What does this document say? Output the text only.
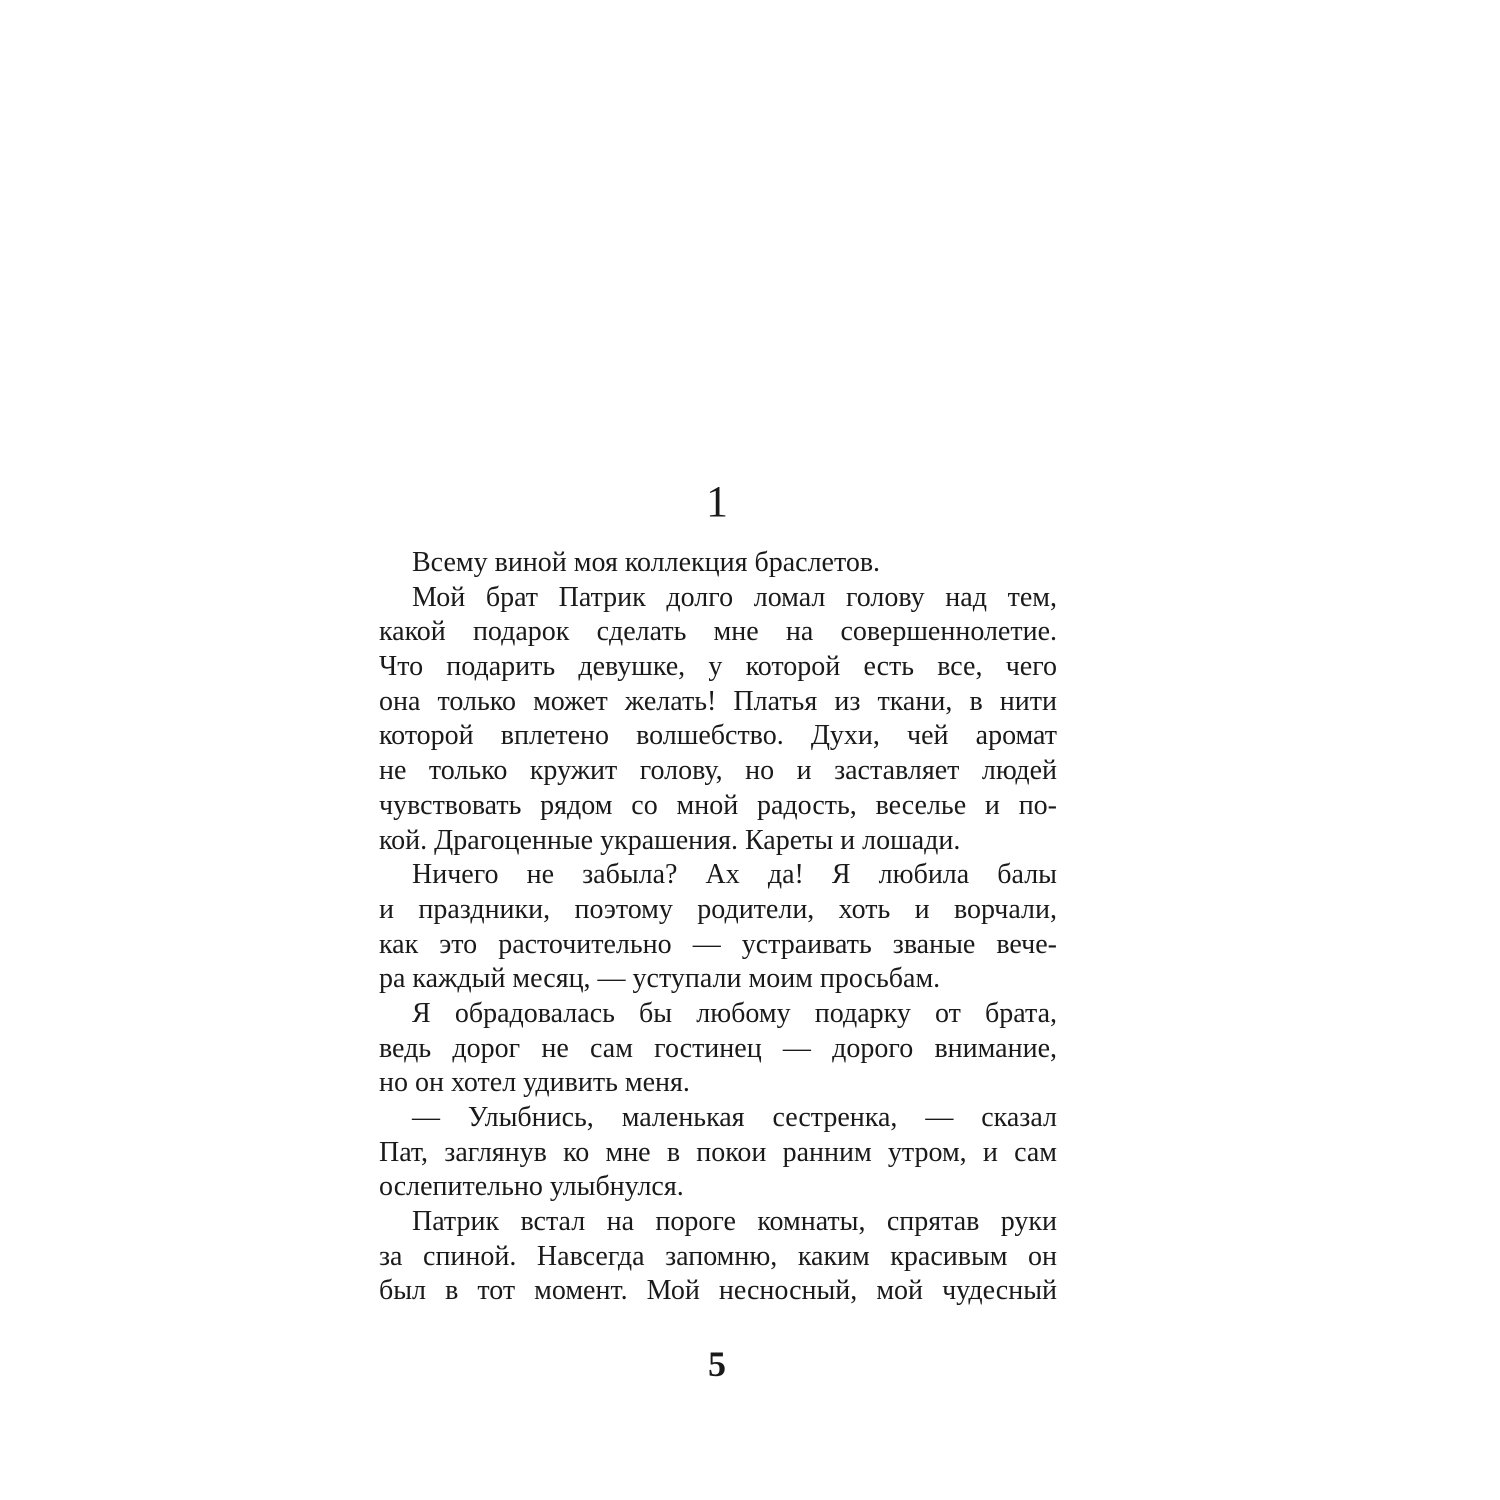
1
Всему виной моя коллекция браслетов.
Мой брат Патрик долго ломал голову над тем,
какой подарок сделать мне на совершеннолетие.
Что подарить девушке, у которой есть все, чего
она только может желать! Платья из ткани, в нити
которой вплетено волшебство. Духи, чей аромат
не только кружит голову, но и заставляет людей
чувствовать рядом со мной радость, веселье и по-
кой. Драгоценные украшения. Кареты и лошади.
Ничего не забыла? Ах да! Я любила балы
и праздники, поэтому родители, хоть и ворчали,
как это расточительно — устраивать званые вече-
ра каждый месяц, — уступали моим просьбам.
Я обрадовалась бы любому подарку от брата,
ведь дорог не сам гостинец — дорого внимание,
но он хотел удивить меня.
— Улыбнись, маленькая сестренка, — сказал
Пат, заглянув ко мне в покои ранним утром, и сам
ослепительно улыбнулся.
Патрик встал на пороге комнаты, спрятав руки
за спиной. Навсегда запомню, каким красивым он
был в тот момент. Мой несносный, мой чудесный
5
